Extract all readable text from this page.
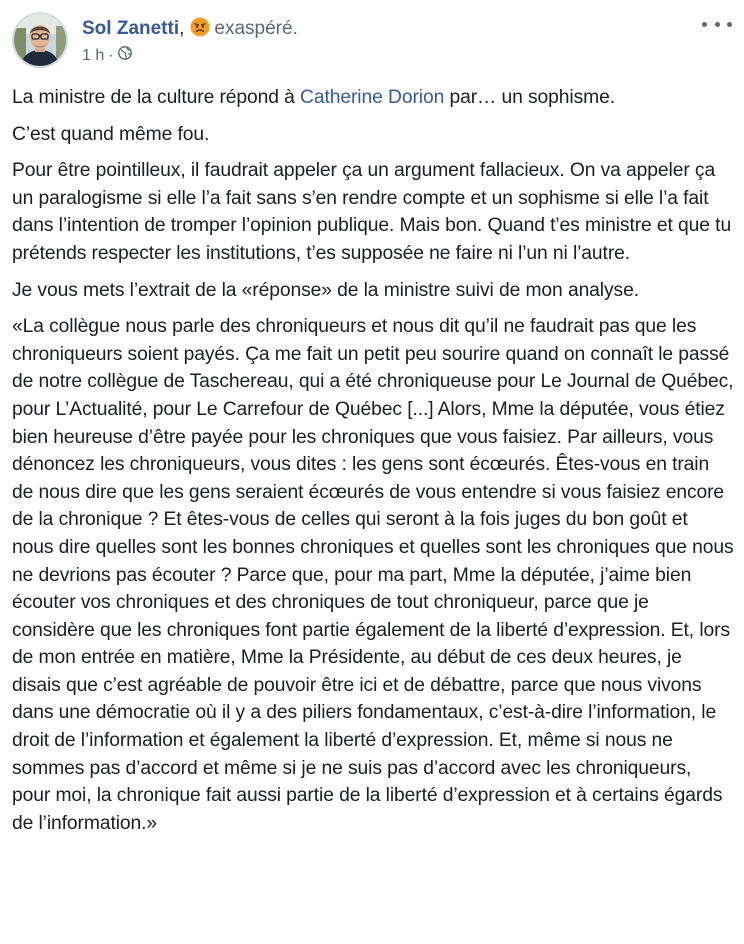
Sol Zanetti, exaspéré.
1 h ·

La ministre de la culture répond à Catherine Dorion par… un sophisme.

C’est quand même fou.

Pour être pointilleux, il faudrait appeler ça un argument fallacieux. On va appeler ça un paralogisme si elle l’a fait sans s’en rendre compte et un sophisme si elle l’a fait dans l’intention de tromper l’opinion publique. Mais bon. Quand t’es ministre et que tu prétends respecter les institutions, t’es supposée ne faire ni l’un ni l’autre.

Je vous mets l’extrait de la «réponse» de la ministre suivi de mon analyse.

«La collègue nous parle des chroniqueurs et nous dit qu’il ne faudrait pas que les chroniqueurs soient payés. Ça me fait un petit peu sourire quand on connaît le passé de notre collègue de Taschereau, qui a été chroniqueuse pour Le Journal de Québec, pour L’Actualité, pour Le Carrefour de Québec [...] Alors, Mme la députée, vous étiez bien heureuse d’être payée pour les chroniques que vous faisiez. Par ailleurs, vous dénoncez les chroniqueurs, vous dites : les gens sont écœurés. Êtes-vous en train de nous dire que les gens seraient écœurés de vous entendre si vous faisiez encore de la chronique ? Et êtes-vous de celles qui seront à la fois juges du bon goût et nous dire quelles sont les bonnes chroniques et quelles sont les chroniques que nous ne devrions pas écouter ? Parce que, pour ma part, Mme la députée, j’aime bien écouter vos chroniques et des chroniques de tout chroniqueur, parce que je considère que les chroniques font partie également de la liberté d’expression. Et, lors de mon entrée en matière, Mme la Présidente, au début de ces deux heures, je disais que c’est agréable de pouvoir être ici et de débattre, parce que nous vivons dans une démocratie où il y a des piliers fondamentaux, c’est-à-dire l’information, le droit de l’information et également la liberté d’expression. Et, même si nous ne sommes pas d’accord et même si je ne suis pas d’accord avec les chroniqueurs, pour moi, la chronique fait aussi partie de la liberté d’expression et à certains égards de l’information.»
